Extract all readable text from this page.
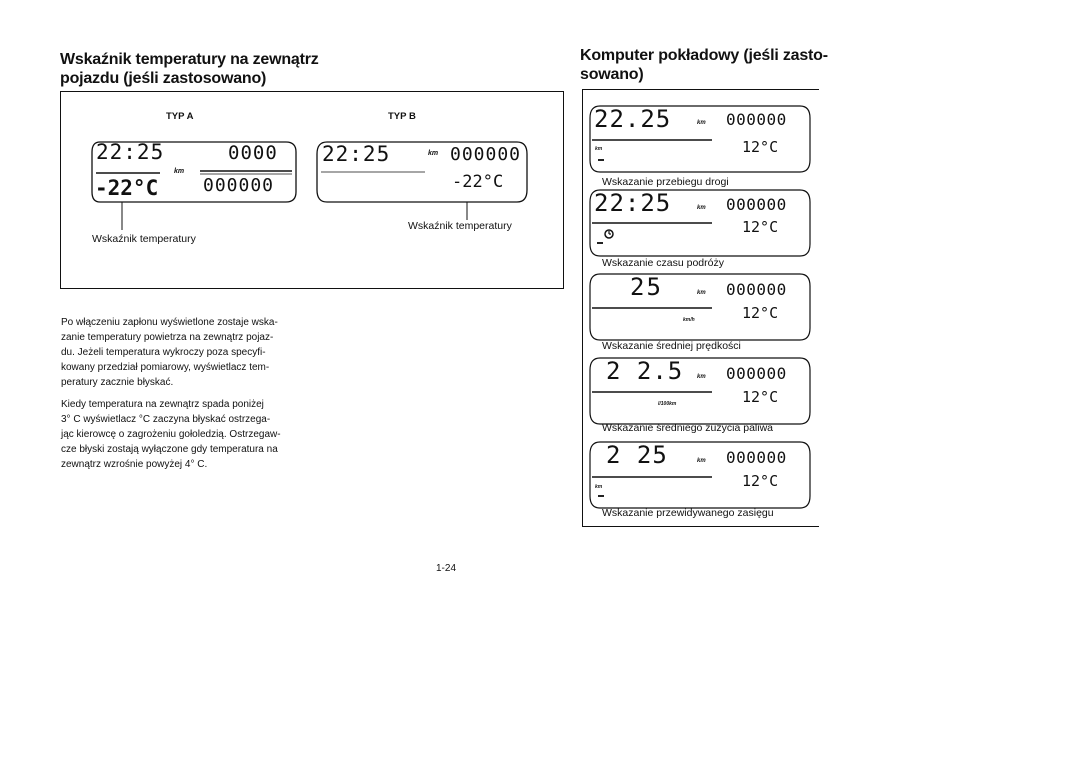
Wskaźnik temperatury na zewnątrz
pojazdu (jeśli zastosowano)
TYP A
22:25
km
0000
-22°C 000000
Wskaźnik temperatury
TYP B
22:25	km 000000
-22°C
Wskaźnik temperatury
Po włączeniu zapłonu wyświetlone zostaje wska-
zanie temperatury powietrza na zewnątrz pojaz-
du. Jeżeli temperatura wykroczy poza specyfi-
kowany przedział pomiarowy, wyświetlacz tem-
peratury zacznie błyskać.
Kiedy temperatura na zewnątrz spada poniżej
3° C wyświetlacz °C zaczyna błyskać ostrzega-
jąc kierowcę o zagrożeniu gołoledzią. Ostrzegaw-
cze błyski zostają wyłączone gdy temperatura na
zewnątrz wzrośnie powyżej 4° C.
Komputer pokładowy (jeśli zasto-
sowano)
22.25	km 000000
12°C
km
Wskazanie przebiegu drogi
22:25	km 000000
12°C
Wskazanie czasu podróży
25	km 000000
12°C
km/h
Wskazanie średniej prędkości
2 2.5 km 000000
12°C
l/100km
Wskazanie średniego zużycia paliwa
2 25	km 000000
12°C
km
Wskazanie przewidywanego zasięgu
1-24
